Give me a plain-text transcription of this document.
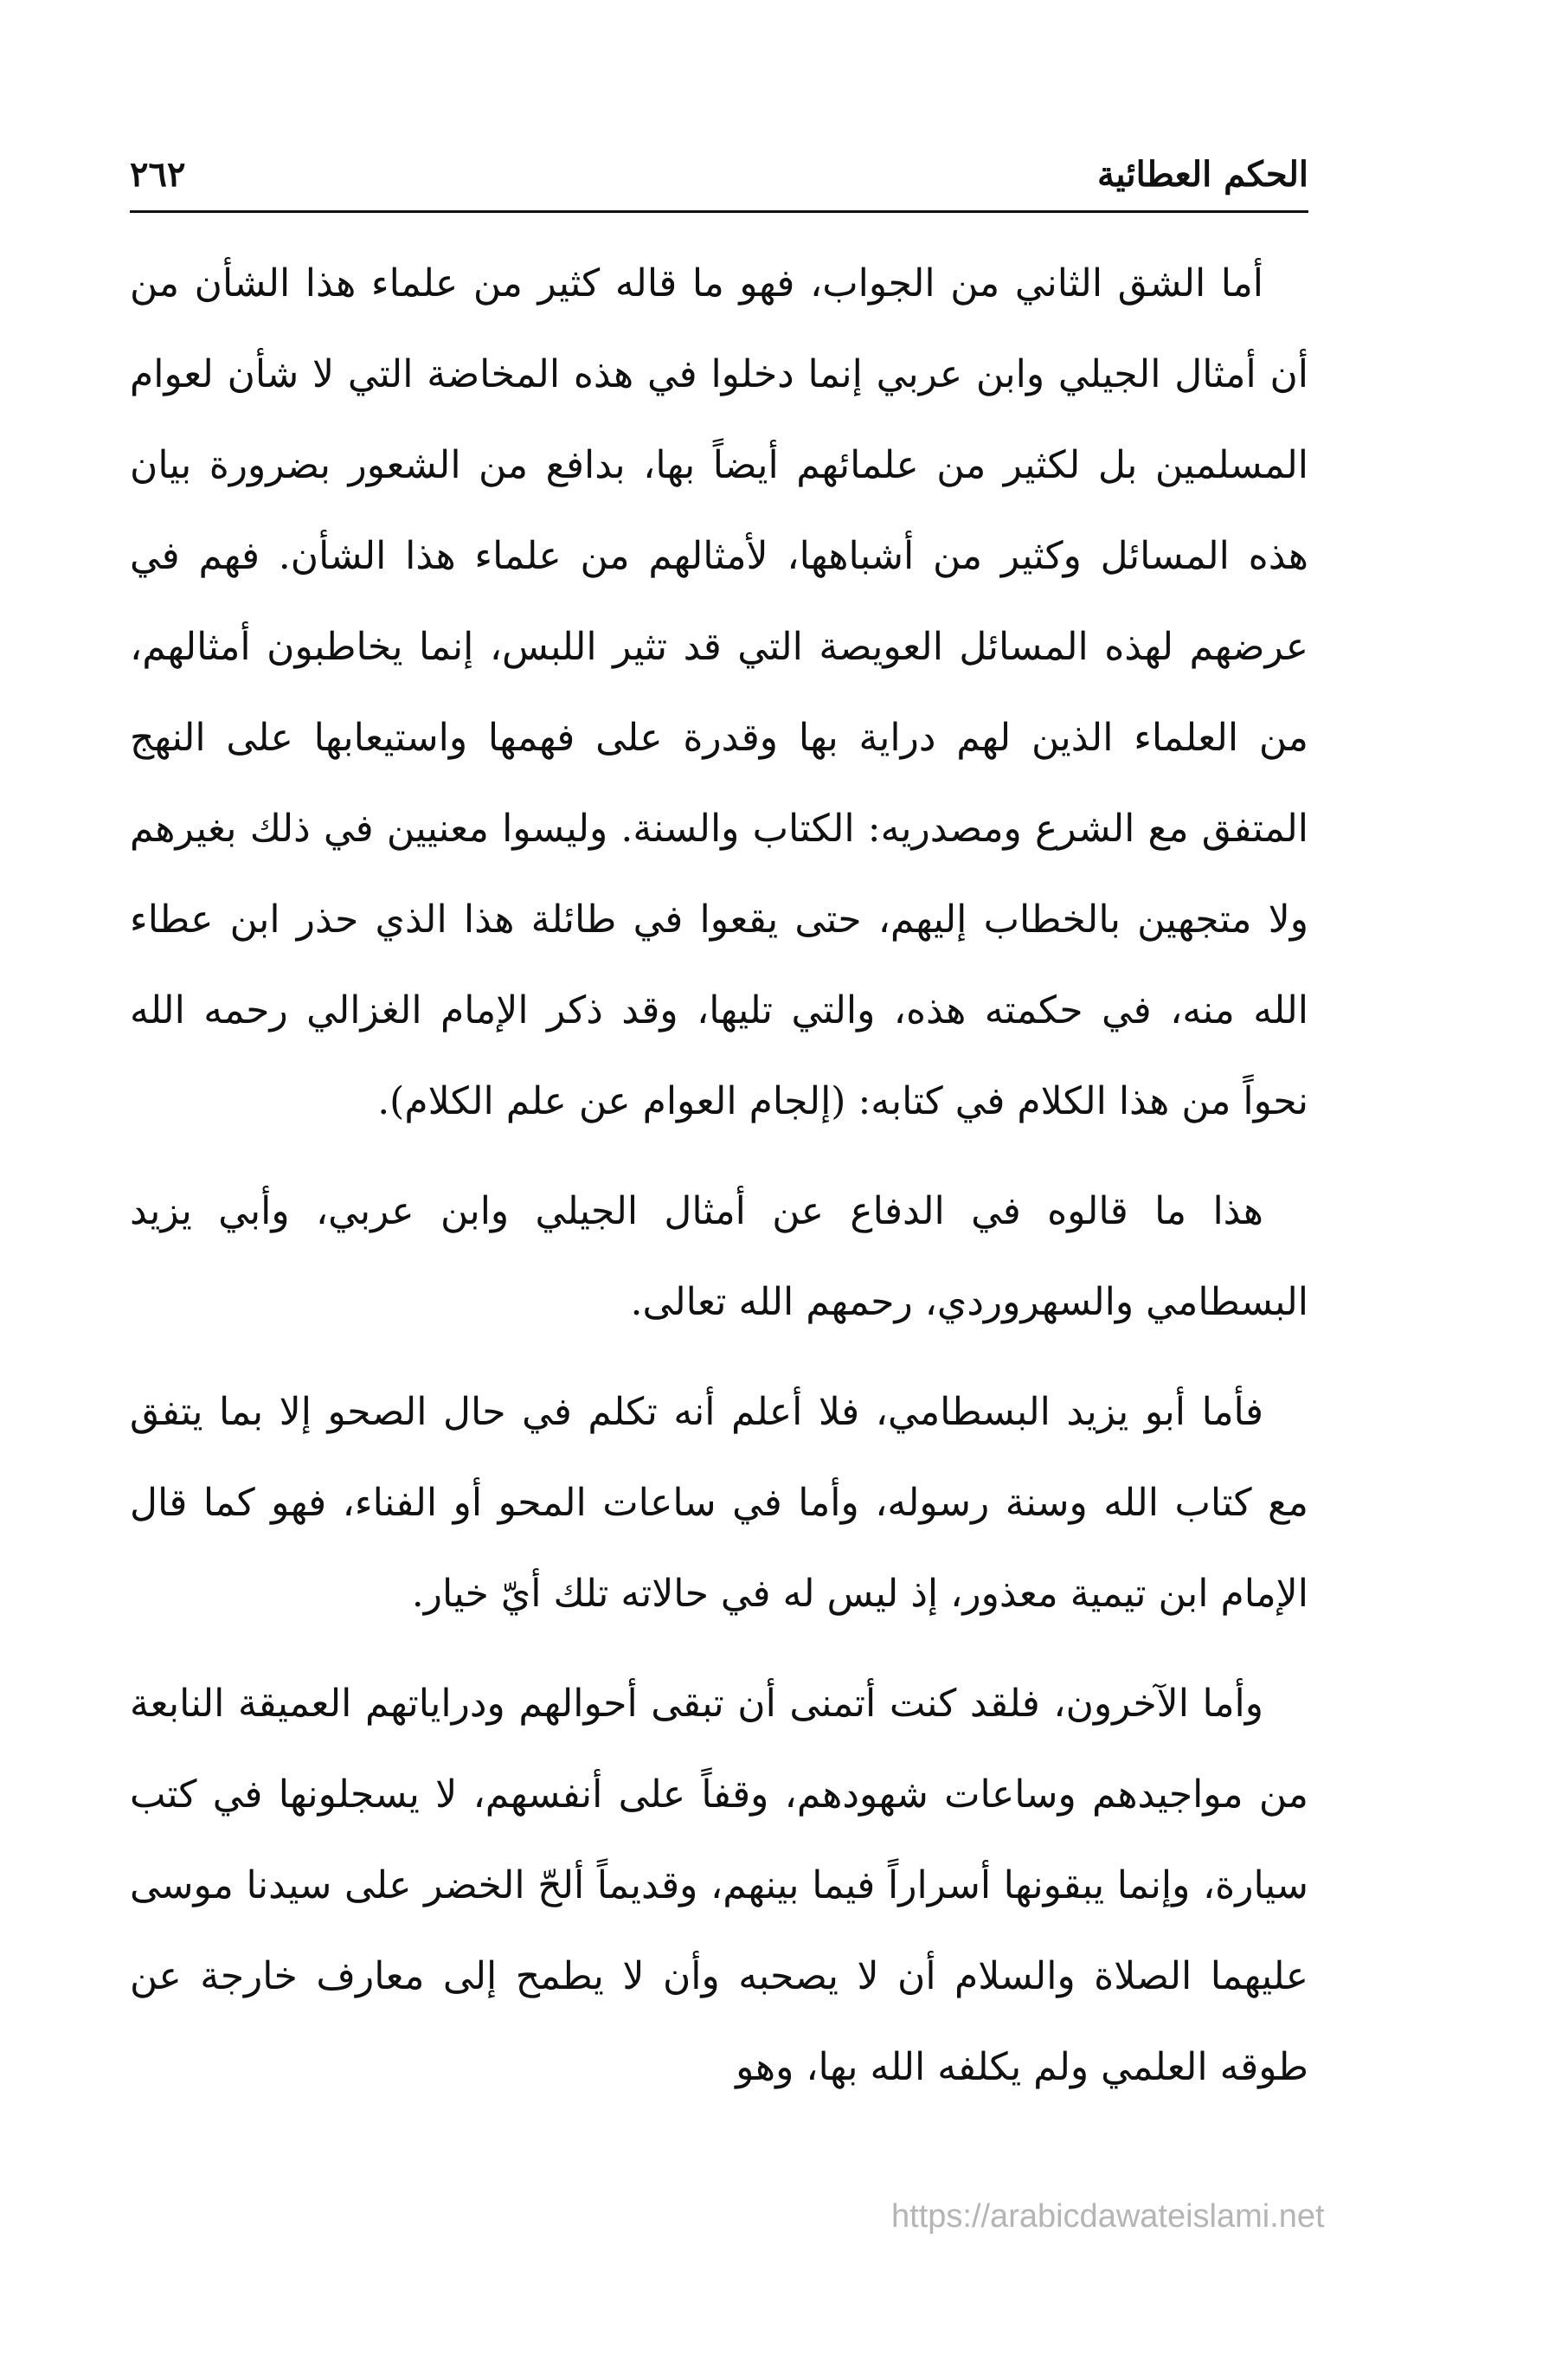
الحكم العطائية
٢٦٢

أما الشق الثاني من الجواب، فهو ما قاله كثير من علماء هذا الشأن من أن أمثال الجيلي وابن عربي إنما دخلوا في هذه المخاضة التي لا شأن لعوام المسلمين بل لكثير من علمائهم أيضاً بها، بدافع من الشعور بضرورة بيان هذه المسائل وكثير من أشباهها، لأمثالهم من علماء هذا الشأن. فهم في عرضهم لهذه المسائل العويصة التي قد تثير اللبس، إنما يخاطبون أمثالهم، من العلماء الذين لهم دراية بها وقدرة على فهمها واستيعابها على النهج المتفق مع الشرع ومصدريه: الكتاب والسنة. وليسوا معنيين في ذلك بغيرهم ولا متجهين بالخطاب إليهم، حتى يقعوا في طائلة هذا الذي حذر ابن عطاء الله منه، في حكمته هذه، والتي تليها، وقد ذكر الإمام الغزالي رحمه الله نحواً من هذا الكلام في كتابه: (إلجام العوام عن علم الكلام).

هذا ما قالوه في الدفاع عن أمثال الجيلي وابن عربي، وأبي يزيد البسطامي والسهروردي، رحمهم الله تعالى.

فأما أبو يزيد البسطامي، فلا أعلم أنه تكلم في حال الصحو إلا بما يتفق مع كتاب الله وسنة رسوله، وأما في ساعات المحو أو الفناء، فهو كما قال الإمام ابن تيمية معذور، إذ ليس له في حالاته تلك أيّ خيار.

وأما الآخرون، فلقد كنت أتمنى أن تبقى أحوالهم ودراياتهم العميقة النابعة من مواجيدهم وساعات شهودهم، وقفاً على أنفسهم، لا يسجلونها في كتب سيارة، وإنما يبقونها أسراراً فيما بينهم، وقديماً ألحّ الخضر على سيدنا موسى عليهما الصلاة والسلام أن لا يصحبه وأن لا يطمح إلى معارف خارجة عن طوقه العلمي ولم يكلفه الله بها، وهو

https://arabicdawateislami.net
